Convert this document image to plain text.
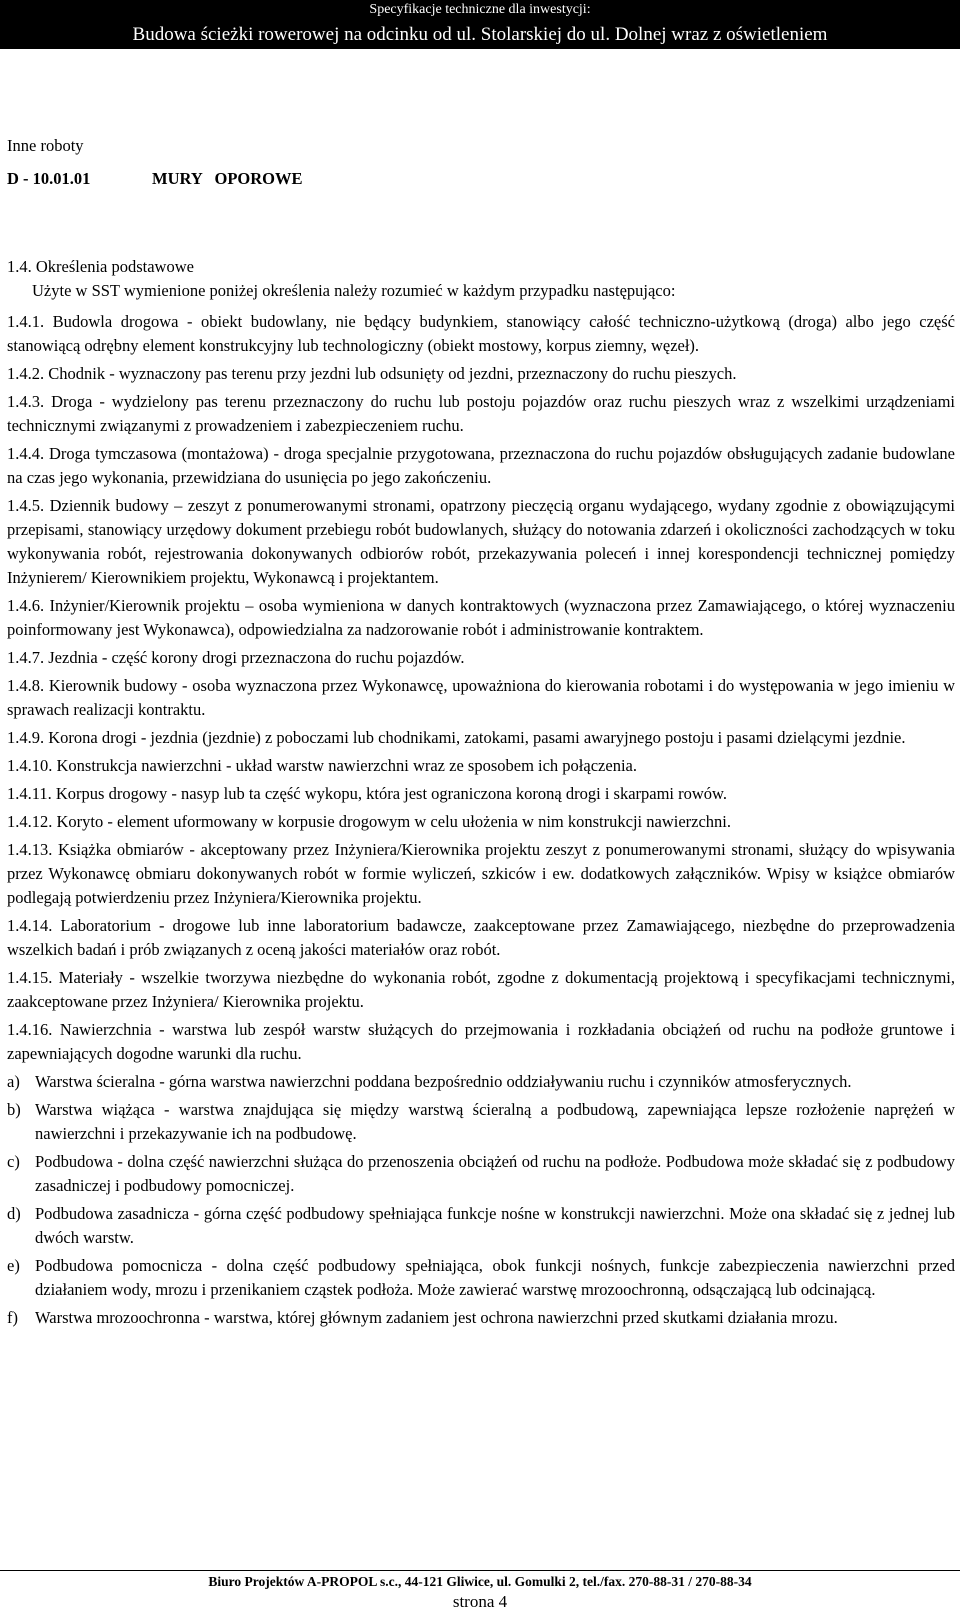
Specyfikacje techniczne dla inwestycji:
Budowa ścieżki rowerowej na odcinku od ul. Stolarskiej do ul. Dolnej wraz z oświetleniem
Inne roboty
D - 10.01.01	MURY   OPOROWE
1.4. Określenia podstawowe
Użyte w SST wymienione poniżej określenia należy rozumieć w każdym przypadku następująco:
1.4.1. Budowla drogowa - obiekt budowlany, nie będący budynkiem, stanowiący całość techniczno-użytkową (droga) albo jego część stanowiącą odrębny element konstrukcyjny lub technologiczny (obiekt mostowy, korpus ziemny, węzeł).
1.4.2. Chodnik - wyznaczony pas terenu przy jezdni lub odsunięty od jezdni, przeznaczony do ruchu pieszych.
1.4.3. Droga - wydzielony pas terenu przeznaczony do ruchu lub postoju pojazdów oraz ruchu pieszych wraz z wszelkimi urządzeniami technicznymi związanymi z prowadzeniem i zabezpieczeniem ruchu.
1.4.4. Droga tymczasowa (montażowa) - droga specjalnie przygotowana, przeznaczona do ruchu pojazdów obsługujących zadanie budowlane na czas jego wykonania, przewidziana do usunięcia po jego zakończeniu.
1.4.5. Dziennik budowy – zeszyt z ponumerowanymi stronami, opatrzony pieczęcią organu wydającego, wydany zgodnie z obowiązującymi przepisami, stanowiący urzędowy dokument przebiegu robót budowlanych, służący do notowania zdarzeń i okoliczności zachodzących w toku wykonywania robót, rejestrowania dokonywanych odbiorów robót, przekazywania poleceń i innej korespondencji technicznej pomiędzy Inżynierem/ Kierownikiem projektu, Wykonawcą i projektantem.
1.4.6. Inżynier/Kierownik projektu – osoba wymieniona w danych kontraktowych (wyznaczona przez Zamawiającego, o której wyznaczeniu poinformowany jest Wykonawca), odpowiedzialna za nadzorowanie robót i administrowanie kontraktem.
1.4.7. Jezdnia - część korony drogi przeznaczona do ruchu pojazdów.
1.4.8. Kierownik budowy - osoba wyznaczona przez Wykonawcę, upoważniona do kierowania robotami i do występowania w jego imieniu w sprawach realizacji kontraktu.
1.4.9. Korona drogi - jezdnia (jezdnie) z poboczami lub chodnikami, zatokami, pasami awaryjnego postoju i pasami dzielącymi jezdnie.
1.4.10. Konstrukcja nawierzchni - układ warstw nawierzchni wraz ze sposobem ich połączenia.
1.4.11. Korpus drogowy - nasyp lub ta część wykopu, która jest ograniczona koroną drogi i skarpami rowów.
1.4.12. Koryto - element uformowany w korpusie drogowym w celu ułożenia w nim konstrukcji nawierzchni.
1.4.13. Książka obmiarów - akceptowany przez Inżyniera/Kierownika projektu zeszyt z ponumerowanymi stronami, służący do wpisywania przez Wykonawcę obmiaru dokonywanych robót w formie wyliczeń, szkiców i ew. dodatkowych załączników. Wpisy w książce obmiarów podlegają potwierdzeniu przez Inżyniera/Kierownika projektu.
1.4.14. Laboratorium - drogowe lub inne laboratorium badawcze, zaakceptowane przez Zamawiającego, niezbędne do przeprowadzenia wszelkich badań i prób związanych z oceną jakości materiałów oraz robót.
1.4.15. Materiały - wszelkie tworzywa niezbędne do wykonania robót, zgodne z dokumentacją projektową i specyfikacjami technicznymi, zaakceptowane przez Inżyniera/ Kierownika projektu.
1.4.16. Nawierzchnia - warstwa lub zespół warstw służących do przejmowania i rozkładania obciążeń od ruchu na podłoże gruntowe i zapewniających dogodne warunki dla ruchu.
a) Warstwa ścieralna - górna warstwa nawierzchni poddana bezpośrednio oddziaływaniu ruchu i czynników atmosferycznych.
b) Warstwa wiążąca - warstwa znajdująca się między warstwą ścieralną a podbudową, zapewniająca lepsze rozłożenie naprężeń w nawierzchni i przekazywanie ich na podbudowę.
c) Podbudowa - dolna część nawierzchni służąca do przenoszenia obciążeń od ruchu na podłoże. Podbudowa może składać się z podbudowy zasadniczej i podbudowy pomocniczej.
d) Podbudowa zasadnicza - górna część podbudowy spełniająca funkcje nośne w konstrukcji nawierzchni. Może ona składać się z jednej lub dwóch warstw.
e) Podbudowa pomocnicza - dolna część podbudowy spełniająca, obok funkcji nośnych, funkcje zabezpieczenia nawierzchni przed działaniem wody, mrozu i przenikaniem cząstek podłoża. Może zawierać warstwę mrozoochronną, odsączającą lub odcinającą.
f) Warstwa mrozoochronna - warstwa, której głównym zadaniem jest ochrona nawierzchni przed skutkami działania mrozu.
Biuro Projektów A-PROPOL s.c., 44-121 Gliwice, ul. Gomulki 2, tel./fax. 270-88-31 / 270-88-34
strona 4
